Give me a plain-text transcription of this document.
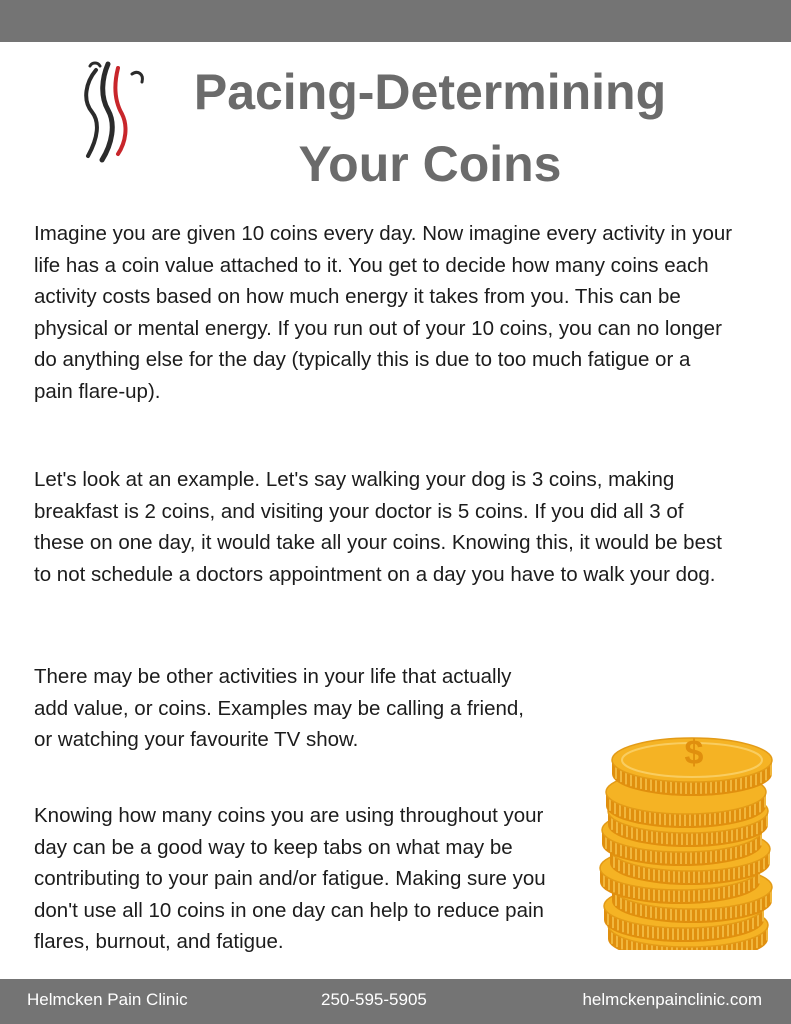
Pacing-Determining
Your Coins

Imagine you are given 10 coins every day. Now imagine every activity in your life has a coin value attached to it. You get to decide how many coins each activity costs based on how much energy it takes from you. This can be physical or mental energy. If you run out of your 10 coins, you can no longer do anything else for the day (typically this is due to too much fatigue or a pain flare-up).

Let's look at an example. Let's say walking your dog is 3 coins, making breakfast is 2 coins, and visiting your doctor is 5 coins. If you did all 3 of these on one day, it would take all your coins. Knowing this, it would be best to not schedule a doctors appointment on a day you have to walk your dog.

There may be other activities in your life that actually add value, or coins. Examples may be calling a friend, or watching your favourite TV show.

Knowing how many coins you are using throughout your day can be a good way to keep tabs on what may be contributing to your pain and/or fatigue. Making sure you don't use all 10 coins in one day can help to reduce pain flares, burnout, and fatigue.

$
Helmcken Pain Clinic	250-595-5905	helmckenpainclinic.com
